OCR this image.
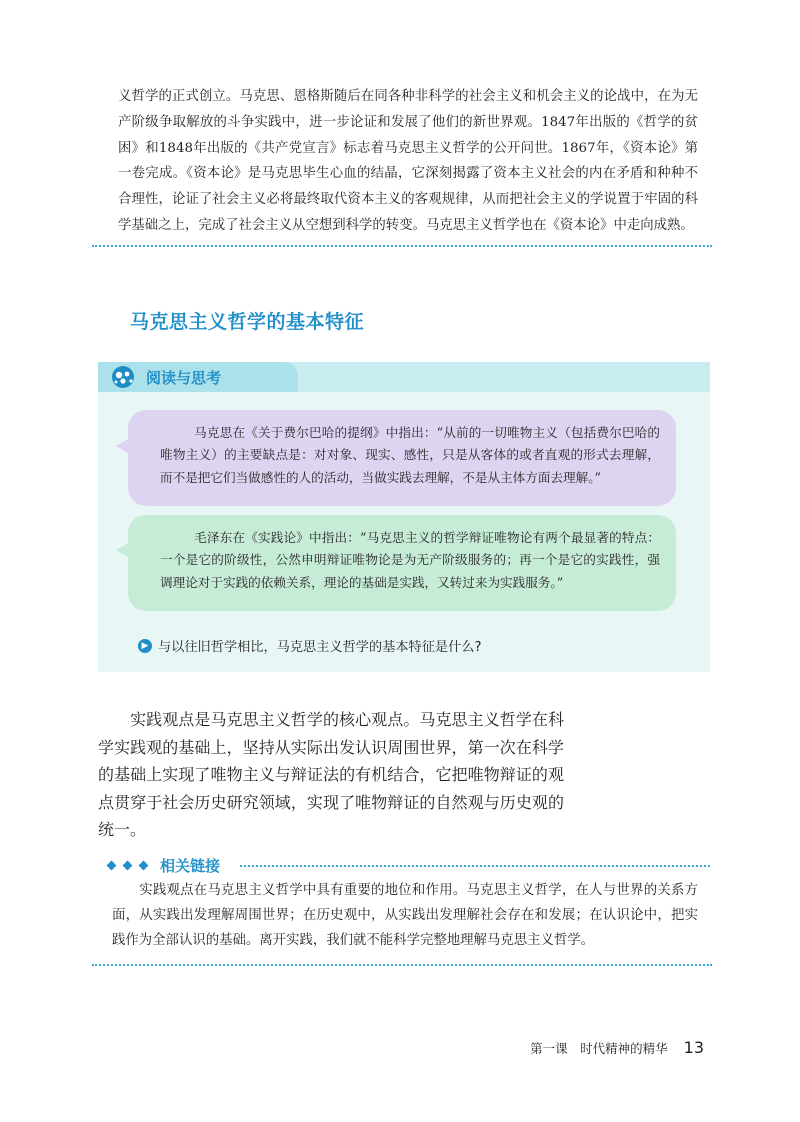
义哲学的正式创立。马克思、恩格斯随后在同各种非科学的社会主义和机会主义的论战中，在为无产阶级争取解放的斗争实践中，进一步论证和发展了他们的新世界观。1847年出版的《哲学的贫困》和1848年出版的《共产党宣言》标志着马克思主义哲学的公开问世。1867年，《资本论》第一卷完成。《资本论》是马克思毕生心血的结晶，它深刻揭露了资本主义社会的内在矛盾和种种不合理性，论证了社会主义必将最终取代资本主义的客观规律，从而把社会主义的学说置于牢固的科学基础之上，完成了社会主义从空想到科学的转变。马克思主义哲学也在《资本论》中走向成熟。

马克思主义哲学的基本特征
阅读与思考

马克思在《关于费尔巴哈的提纲》中指出：“从前的一切唯物主义（包括费尔巴哈的唯物主义）的主要缺点是：对对象、现实、感性，只是从客体的或者直观的形式去理解，而不是把它们当做感性的人的活动，当做实践去理解，不是从主体方面去理解。”

毛泽东在《实践论》中指出：“马克思主义的哲学辩证唯物论有两个最显著的特点：一个是它的阶级性，公然申明辩证唯物论是为无产阶级服务的；再一个是它的实践性，强调理论对于实践的依赖关系，理论的基础是实践，又转过来为实践服务。”

▶ 与以往旧哲学相比，马克思主义哲学的基本特征是什么?

实践观点是马克思主义哲学的核心观点。马克思主义哲学在科学实践观的基础上，坚持从实际出发认识周围世界，第一次在科学的基础上实现了唯物主义与辩证法的有机结合，它把唯物辩证的观点贯穿于社会历史研究领域，实现了唯物辩证的自然观与历史观的统一。

相关链接

实践观点在马克思主义哲学中具有重要的地位和作用。马克思主义哲学，在人与世界的关系方面，从实践出发理解周围世界；在历史观中，从实践出发理解社会存在和发展；在认识论中，把实践作为全部认识的基础。离开实践，我们就不能科学完整地理解马克思主义哲学。

第一课　时代精神的精华 13
